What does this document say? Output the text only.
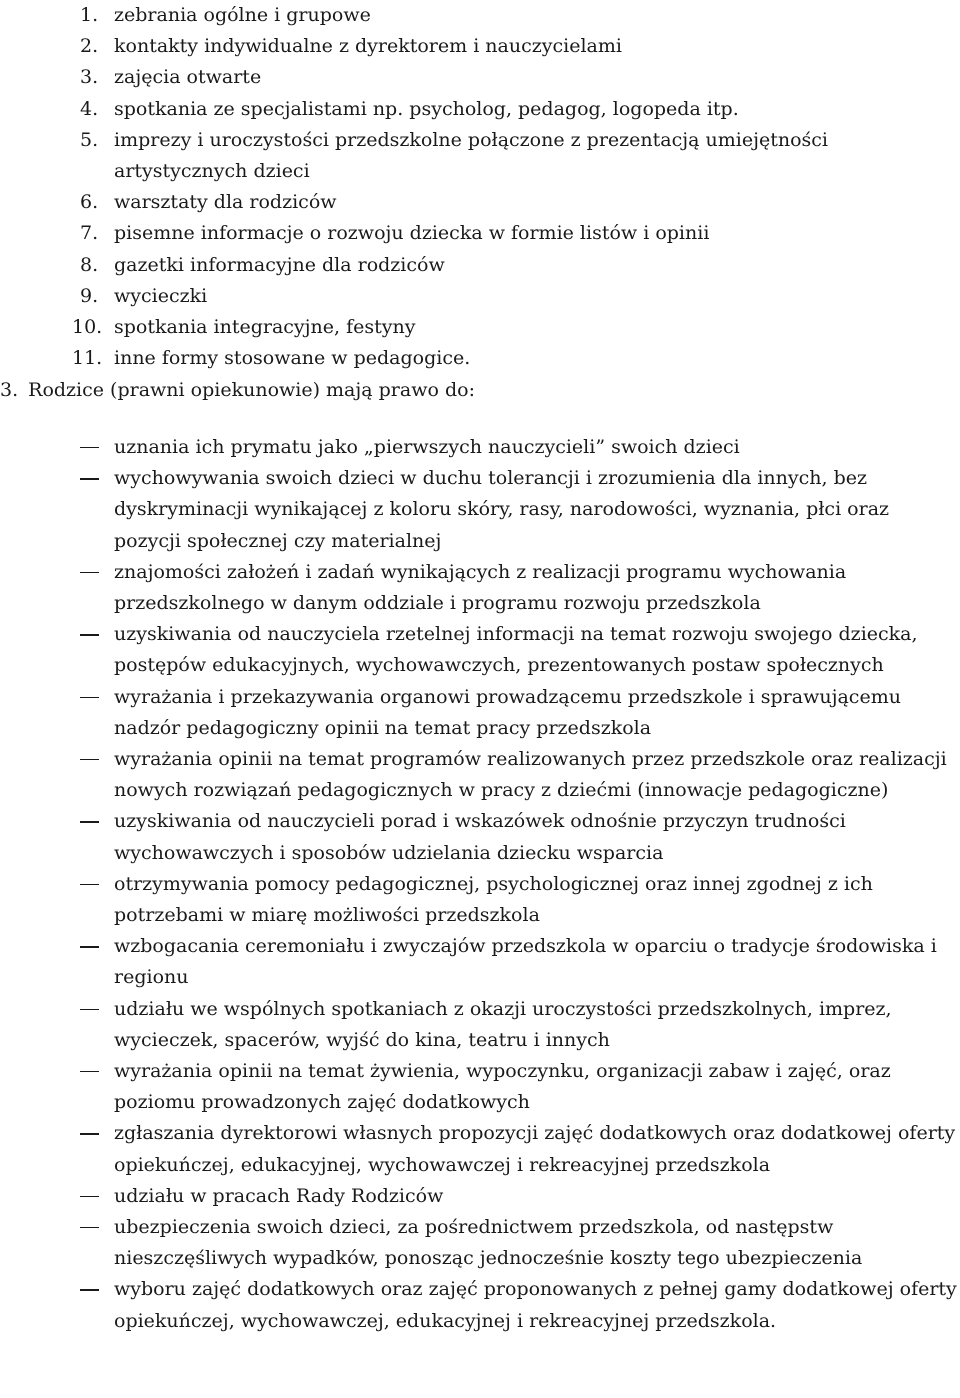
1. zebrania ogólne i grupowe
2. kontakty indywidualne z dyrektorem i nauczycielami
3. zajęcia otwarte
4. spotkania ze specjalistami np. psycholog, pedagog, logopeda itp.
5. imprezy i uroczystości przedszkolne połączone z prezentacją umiejętności artystycznych dzieci
6. warsztaty dla rodziców
7. pisemne informacje o rozwoju dziecka w formie listów i opinii
8. gazetki informacyjne dla rodziców
9. wycieczki
10. spotkania integracyjne, festyny
11. inne formy stosowane w pedagogice.
3. Rodzice (prawni opiekunowie) mają prawo do:
uznania ich prymatu jako „pierwszych nauczycieli” swoich dzieci
wychowywania swoich dzieci w duchu tolerancji i zrozumienia dla innych, bez dyskryminacji wynikającej z koloru skóry, rasy, narodowości, wyznania, płci oraz pozycji społecznej czy materialnej
znajomości założeń i zadań wynikających z realizacji programu wychowania przedszkolnego w danym oddziale i programu rozwoju przedszkola
uzyskiwania od nauczyciela rzetelnej informacji na temat rozwoju swojego dziecka, postępów edukacyjnych, wychowawczych, prezentowanych postaw społecznych
wyrażania i przekazywania organowi prowadzącemu przedszkole i sprawującemu nadzór pedagogiczny opinii na temat pracy przedszkola
wyrażania opinii na temat programów realizowanych przez przedszkole oraz realizacji nowych rozwiązań pedagogicznych w pracy z dziećmi (innowacje pedagogiczne)
uzyskiwania od nauczycieli porad i wskazówek odnośnie przyczyn trudności wychowawczych i sposobów udzielania dziecku wsparcia
otrzymywania pomocy pedagogicznej, psychologicznej oraz innej zgodnej z ich potrzebami w miarę możliwości przedszkola
wzbogacania ceremoniału i zwyczajów przedszkola w oparciu o tradycje środowiska i regionu
udziału we wspólnych spotkaniach z okazji uroczystości przedszkolnych, imprez, wycieczek, spacerów, wyjść do kina, teatru i innych
wyrażania opinii na temat żywienia, wypoczynku, organizacji zabaw i zajęć, oraz poziomu prowadzonych zajęć dodatkowych
zgłaszania dyrektorowi własnych propozycji zajęć dodatkowych oraz dodatkowej oferty opiekuńczej, edukacyjnej, wychowawczej i rekreacyjnej przedszkola
udziału w pracach Rady Rodziców
ubezpieczenia swoich dzieci, za pośrednictwem przedszkola, od następstw nieszczęśliwych wypadków, ponosząc jednocześnie koszty tego ubezpieczenia
wyboru zajęć dodatkowych oraz zajęć proponowanych z pełnej gamy dodatkowej oferty opiekuńczej, wychowawczej, edukacyjnej i rekreacyjnej przedszkola.
